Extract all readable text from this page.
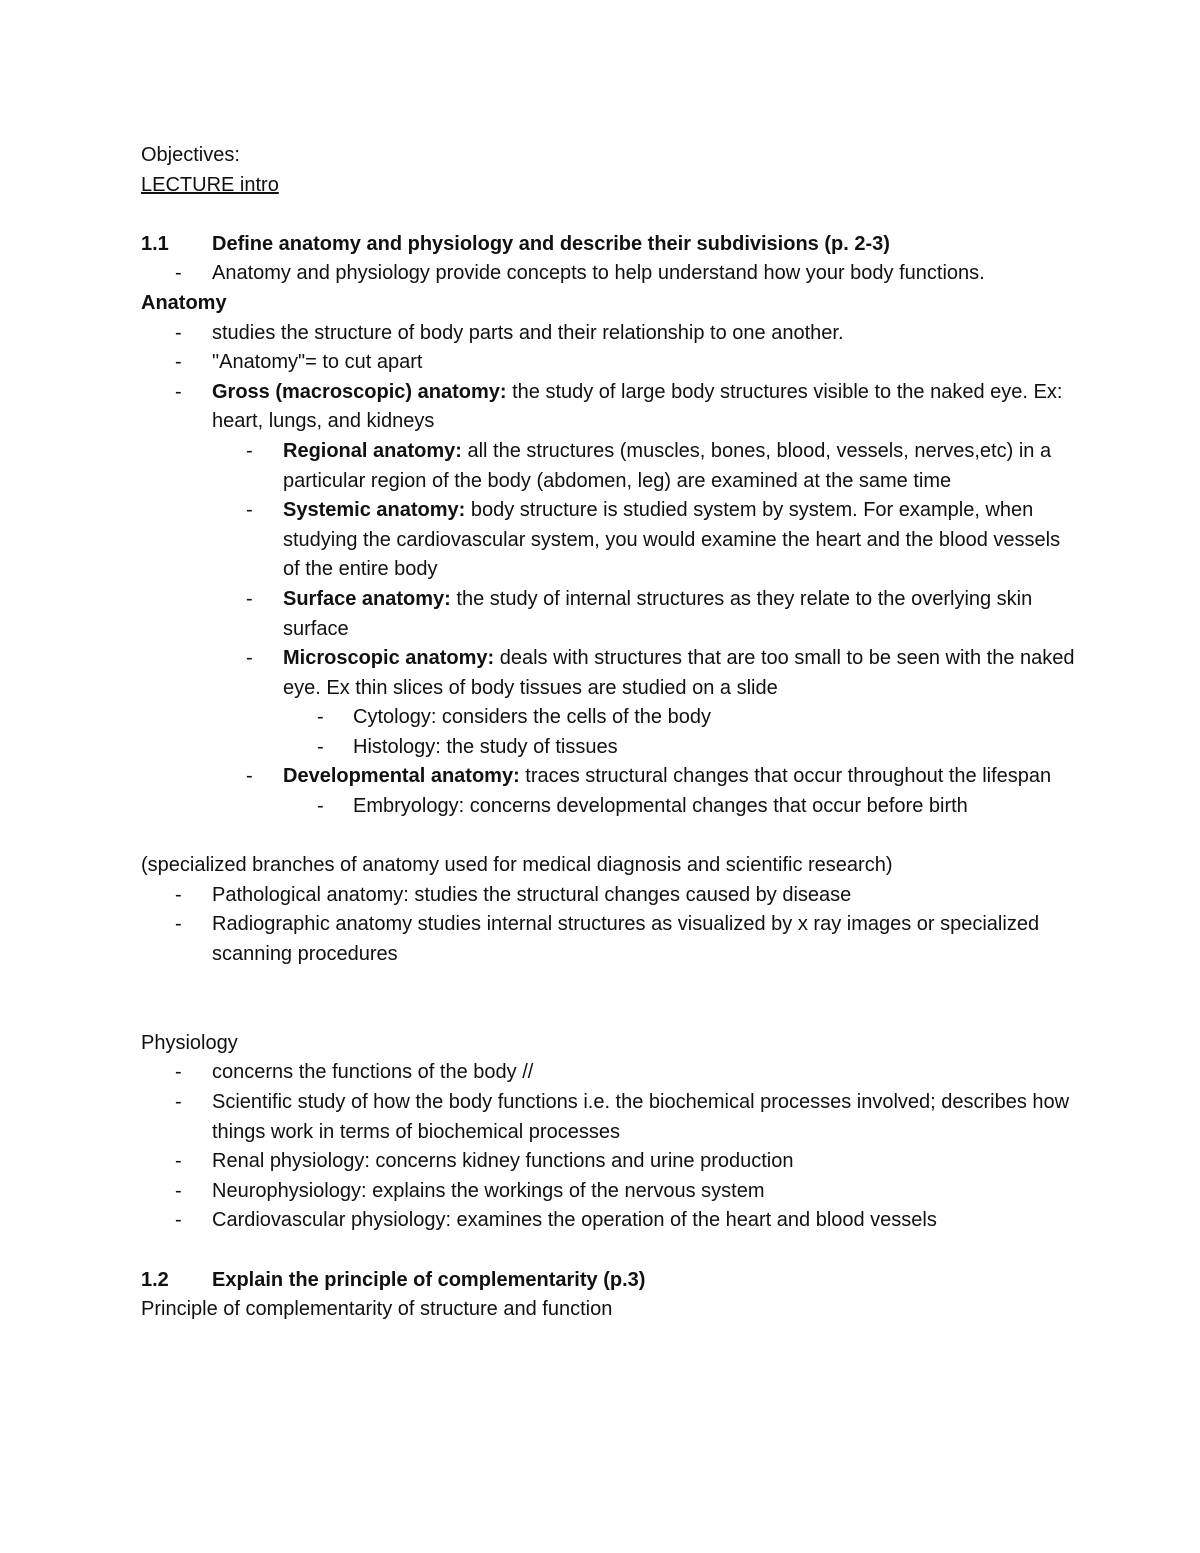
Objectives:
LECTURE intro
1.1 Define anatomy and physiology and describe their subdivisions (p. 2-3)
- Anatomy and physiology provide concepts to help understand how your body functions.
Anatomy
- studies the structure of body parts and their relationship to one another.
- "Anatomy"= to cut apart
- Gross (macroscopic) anatomy: the study of large body structures visible to the naked eye. Ex: heart, lungs, and kidneys
- Regional anatomy: all the structures (muscles, bones, blood, vessels, nerves,etc) in a particular region of the body (abdomen, leg) are examined at the same time
- Systemic anatomy: body structure is studied system by system. For example, when studying the cardiovascular system, you would examine the heart and the blood vessels of the entire body
- Surface anatomy: the study of internal structures as they relate to the overlying skin surface
- Microscopic anatomy: deals with structures that are too small to be seen with the naked eye. Ex thin slices of body tissues are studied on a slide
- Cytology: considers the cells of the body
- Histology: the study of tissues
- Developmental anatomy: traces structural changes that occur throughout the lifespan
- Embryology: concerns developmental changes that occur before birth
(specialized branches of anatomy used for medical diagnosis and scientific research)
- Pathological anatomy: studies the structural changes caused by disease
- Radiographic anatomy studies internal structures as visualized by x ray images or specialized scanning procedures
Physiology
- concerns the functions of the body //
- Scientific study of how the body functions i.e. the biochemical processes involved; describes how things work in terms of biochemical processes
- Renal physiology: concerns kidney functions and urine production
- Neurophysiology: explains the workings of the nervous system
- Cardiovascular physiology: examines the operation of the heart and blood vessels
1.2 Explain the principle of complementarity (p.3)
Principle of complementarity of structure and function
